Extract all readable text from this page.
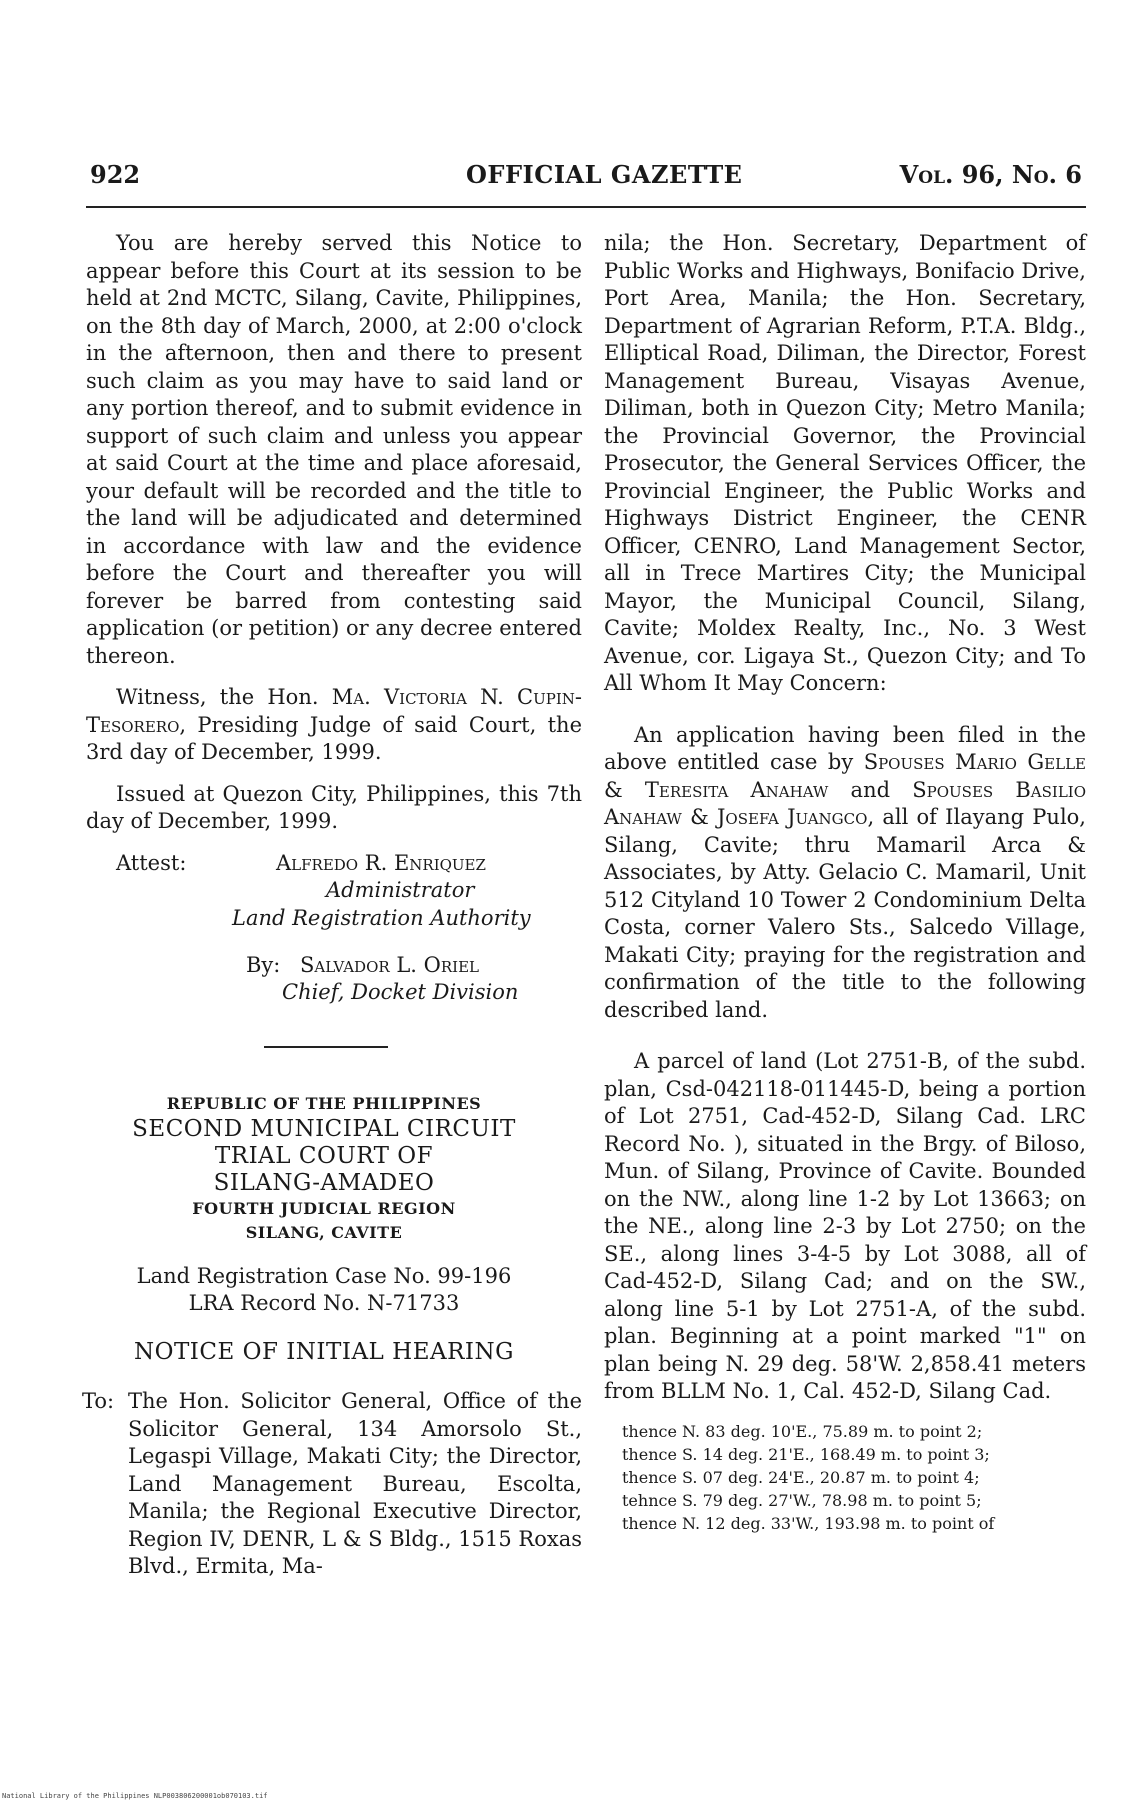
922	OFFICIAL GAZETTE	Vol. 96, No. 6

You are hereby served this Notice to appear before this Court at its session to be held at 2nd MCTC, Silang, Cavite, Philippines, on the 8th day of March, 2000, at 2:00 o'clock in the afternoon, then and there to present such claim as you may have to said land or any portion thereof, and to submit evidence in support of such claim and unless you appear at said Court at the time and place aforesaid, your default will be recorded and the title to the land will be adjudicated and determined in accordance with law and the evidence before the Court and thereafter you will forever be barred from contesting said application (or petition) or any decree entered thereon.

Witness, the Hon. Ma. Victoria N. Cupin-Tesorero, Presiding Judge of said Court, the 3rd day of December, 1999.

Issued at Quezon City, Philippines, this 7th day of December, 1999.

Attest:	Alfredo R. Enriquez
Administrator
Land Registration Authority
By: Salvador L. Oriel
Chief, Docket Division
REPUBLIC OF THE PHILIPPINES
SECOND MUNICIPAL CIRCUIT
TRIAL COURT OF
SILANG-AMADEO
FOURTH JUDICIAL REGION
SILANG, CAVITE
Land Registration Case No. 99-196
LRA Record No. N-71733
NOTICE OF INITIAL HEARING
To: The Hon. Solicitor General, Office of the Solicitor General, 134 Amorsolo St., Legaspi Village, Makati City; the Director, Land Management Bureau, Escolta, Manila; the Regional Executive Director, Region IV, DENR, L & S Bldg., 1515 Roxas Blvd., Ermita, Ma-

nila; the Hon. Secretary, Department of Public Works and Highways, Bonifacio Drive, Port Area, Manila; the Hon. Secretary, Department of Agrarian Reform, P.T.A. Bldg., Elliptical Road, Diliman, the Director, Forest Management Bureau, Visayas Avenue, Diliman, both in Quezon City; Metro Manila; the Provincial Governor, the Provincial Prosecutor, the General Services Officer, the Provincial Engineer, the Public Works and Highways District Engineer, the CENR Officer, CENRO, Land Management Sector, all in Trece Martires City; the Municipal Mayor, the Municipal Council, Silang, Cavite; Moldex Realty, Inc., No. 3 West Avenue, cor. Ligaya St., Quezon City; and To All Whom It May Concern:

An application having been filed in the above entitled case by Spouses Mario Gelle & Teresita Anahaw and Spouses Basilio Anahaw & Josefa Juangco, all of Ilayang Pulo, Silang, Cavite; thru Mamaril Arca & Associates, by Atty. Gelacio C. Mamaril, Unit 512 Cityland 10 Tower 2 Condominium Delta Costa, corner Valero Sts., Salcedo Village, Makati City; praying for the registration and confirmation of the title to the following described land.

A parcel of land (Lot 2751-B, of the subd. plan, Csd-042118-011445-D, being a portion of Lot 2751, Cad-452-D, Silang Cad. LRC Record No. ), situated in the Brgy. of Biloso, Mun. of Silang, Province of Cavite. Bounded on the NW., along line 1-2 by Lot 13663; on the NE., along line 2-3 by Lot 2750; on the SE., along lines 3-4-5 by Lot 3088, all of Cad-452-D, Silang Cad; and on the SW., along line 5-1 by Lot 2751-A, of the subd. plan. Beginning at a point marked "1" on plan being N. 29 deg. 58'W. 2,858.41 meters from BLLM No. 1, Cal. 452-D, Silang Cad.

thence N. 83 deg. 10'E., 75.89 m. to point 2;
thence S. 14 deg. 21'E., 168.49 m. to point 3;
thence S. 07 deg. 24'E., 20.87 m. to point 4;
tehnce S. 79 deg. 27'W., 78.98 m. to point 5;
thence N. 12 deg. 33'W., 193.98 m. to point of
National Library of the Philippines NLP003806200001ob070103.tif
